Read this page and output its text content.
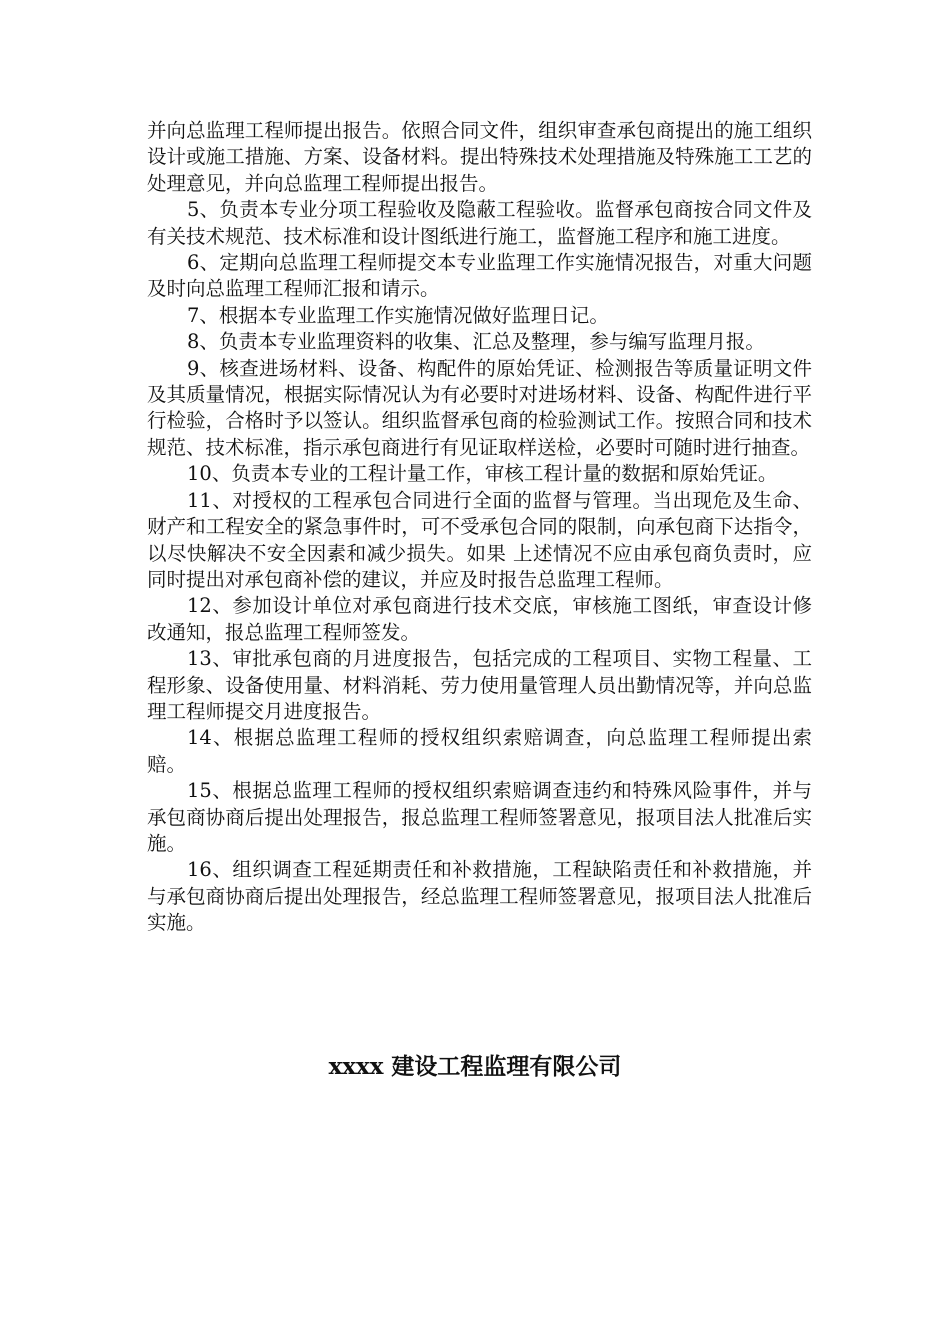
并向总监理工程师提出报告。依照合同文件，组织审查承包商提出的施工组织设计或施工措施、方案、设备材料。提出特殊技术处理措施及特殊施工工艺的处理意见，并向总监理工程师提出报告。

5、负责本专业分项工程验收及隐蔽工程验收。监督承包商按合同文件及有关技术规范、技术标准和设计图纸进行施工，监督施工程序和施工进度。

6、定期向总监理工程师提交本专业监理工作实施情况报告，对重大问题及时向总监理工程师汇报和请示。

7、根据本专业监理工作实施情况做好监理日记。

8、负责本专业监理资料的收集、汇总及整理，参与编写监理月报。

9、核查进场材料、设备、构配件的原始凭证、检测报告等质量证明文件及其质量情况，根据实际情况认为有必要时对进场材料、设备、构配件进行平行检验，合格时予以签认。组织监督承包商的检验测试工作。按照合同和技术规范、技术标准，指示承包商进行有见证取样送检，必要时可随时进行抽查。

10、负责本专业的工程计量工作，审核工程计量的数据和原始凭证。

11、对授权的工程承包合同进行全面的监督与管理。当出现危及生命、财产和工程安全的紧急事件时，可不受承包合同的限制，向承包商下达指令，以尽快解决不安全因素和减少损失。如果 上述情况不应由承包商负责时，应同时提出对承包商补偿的建议，并应及时报告总监理工程师。

12、参加设计单位对承包商进行技术交底，审核施工图纸，审查设计修改通知，报总监理工程师签发。

13、审批承包商的月进度报告，包括完成的工程项目、实物工程量、工程形象、设备使用量、材料消耗、劳力使用量管理人员出勤情况等，并向总监理工程师提交月进度报告。

14、根据总监理工程师的授权组织索赔调查，向总监理工程师提出索赔。

15、根据总监理工程师的授权组织索赔调查违约和特殊风险事件，并与承包商协商后提出处理报告，报总监理工程师签署意见，报项目法人批准后实施。

16、组织调查工程延期责任和补救措施，工程缺陷责任和补救措施，并与承包商协商后提出处理报告，经总监理工程师签署意见，报项目法人批准后实施。

xxxx 建设工程监理有限公司
